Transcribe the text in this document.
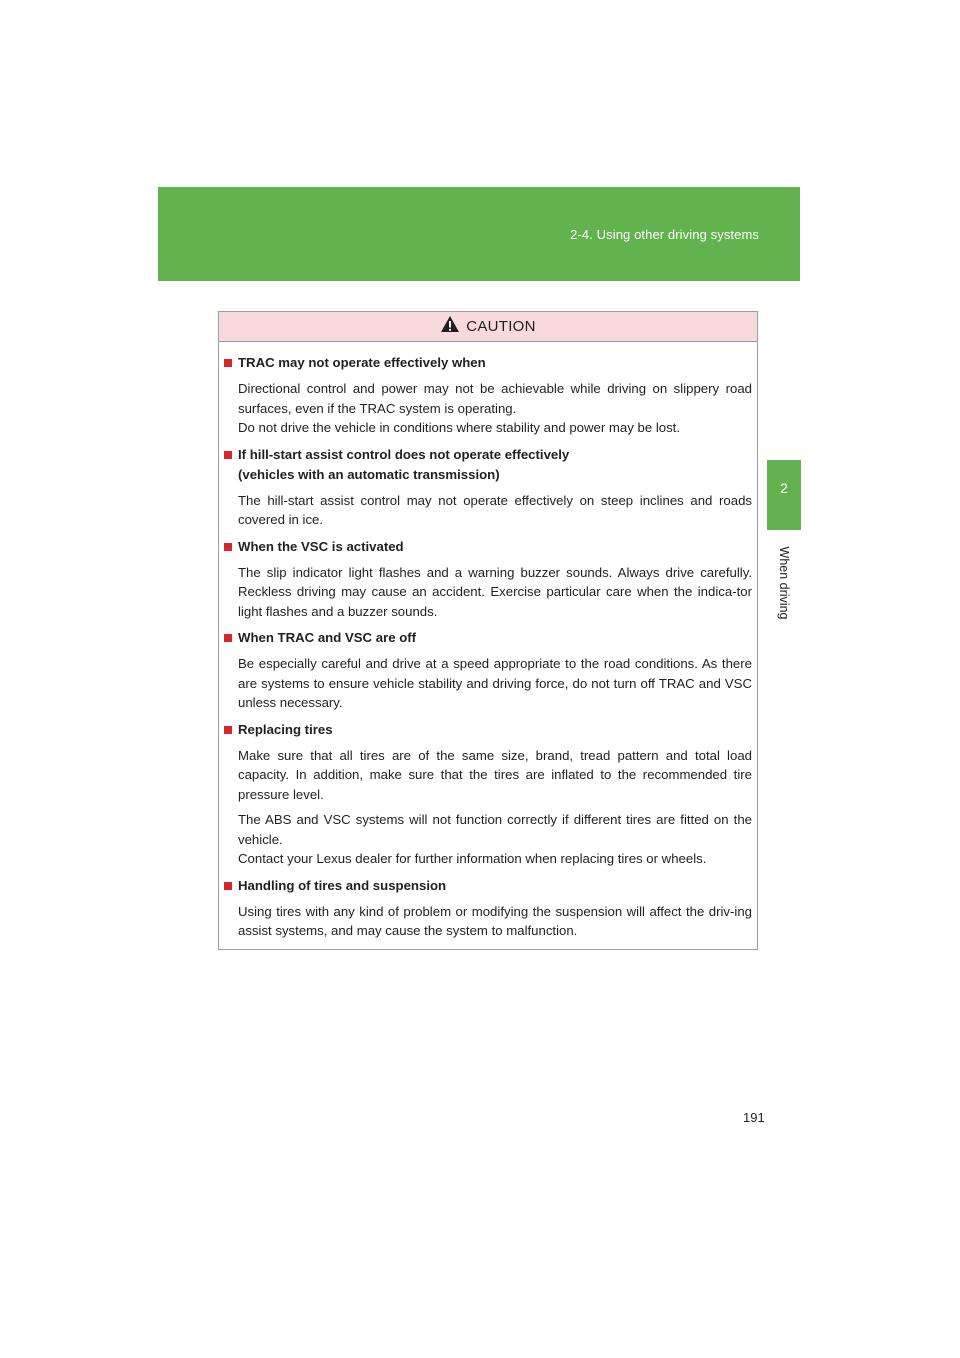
2-4. Using other driving systems
2
When driving
CAUTION
TRAC may not operate effectively when
Directional control and power may not be achievable while driving on slippery road surfaces, even if the TRAC system is operating.
Do not drive the vehicle in conditions where stability and power may be lost.
If hill-start assist control does not operate effectively
(vehicles with an automatic transmission)
The hill-start assist control may not operate effectively on steep inclines and roads covered in ice.
When the VSC is activated
The slip indicator light flashes and a warning buzzer sounds. Always drive carefully. Reckless driving may cause an accident. Exercise particular care when the indica-tor light flashes and a buzzer sounds.
When TRAC and VSC are off
Be especially careful and drive at a speed appropriate to the road conditions. As there are systems to ensure vehicle stability and driving force, do not turn off TRAC and VSC unless necessary.
Replacing tires
Make sure that all tires are of the same size, brand, tread pattern and total load capacity. In addition, make sure that the tires are inflated to the recommended tire pressure level.
The ABS and VSC systems will not function correctly if different tires are fitted on the vehicle.
Contact your Lexus dealer for further information when replacing tires or wheels.
Handling of tires and suspension
Using tires with any kind of problem or modifying the suspension will affect the driv-ing assist systems, and may cause the system to malfunction.
191
